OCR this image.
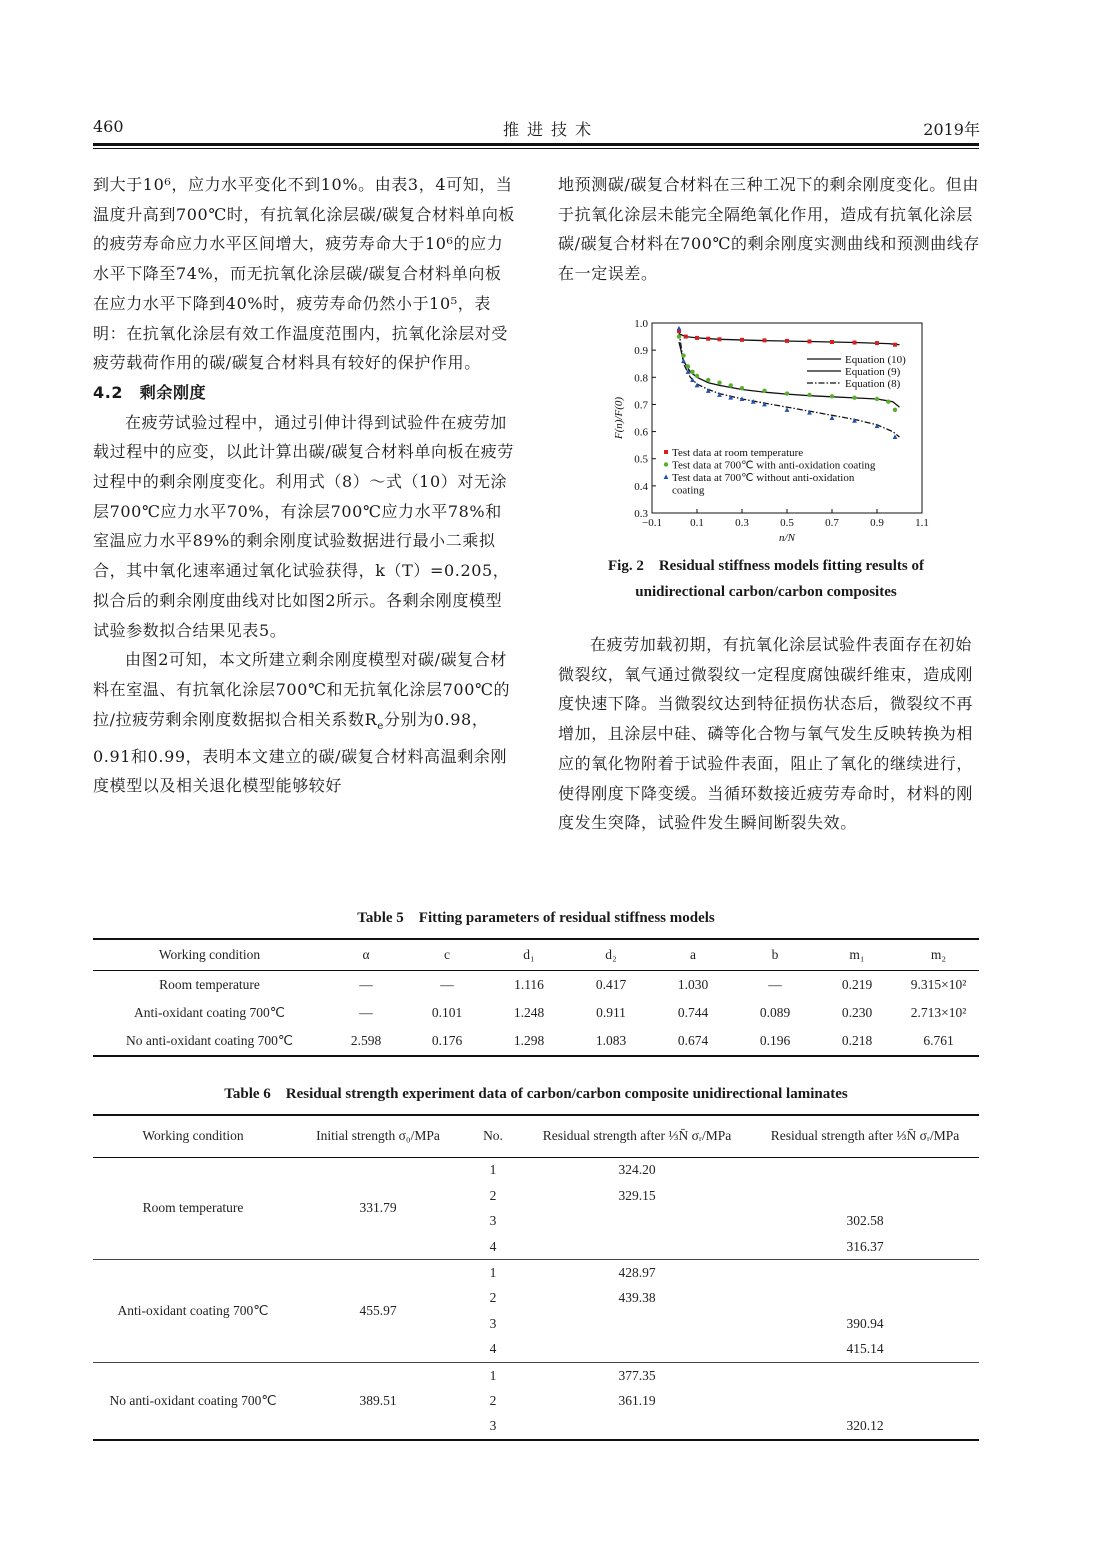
460	推进技术	2019年

到大于10⁶，应力水平变化不到10%。由表3，4可知，当温度升高到700℃时，有抗氧化涂层碳/碳复合材料单向板的疲劳寿命应力水平区间增大，疲劳寿命大于10⁶的应力水平下降至74%，而无抗氧化涂层碳/碳复合材料单向板在应力水平下降到40%时，疲劳寿命仍然小于10⁵，表明：在抗氧化涂层有效工作温度范围内，抗氧化涂层对受疲劳载荷作用的碳/碳复合材料具有较好的保护作用。

4.2　剩余刚度

在疲劳试验过程中，通过引伸计得到试验件在疲劳加载过程中的应变，以此计算出碳/碳复合材料单向板在疲劳过程中的剩余刚度变化。利用式（8）～式（10）对无涂层700℃应力水平70%，有涂层700℃应力水平78%和室温应力水平89%的剩余刚度试验数据进行最小二乘拟合，其中氧化速率通过氧化试验获得，k（T）=0.205，拟合后的剩余刚度曲线对比如图2所示。各剩余刚度模型试验参数拟合结果见表5。

由图2可知，本文所建立剩余刚度模型对碳/碳复合材料在室温、有抗氧化涂层700℃和无抗氧化涂层700℃的拉/拉疲劳剩余刚度数据拟合相关系数$R_e$分别为0.98，0.91和0.99，表明本文建立的碳/碳复合材料高温剩余刚度模型以及相关退化模型能够较好

地预测碳/碳复合材料在三种工况下的剩余刚度变化。但由于抗氧化涂层未能完全隔绝氧化作用，造成有抗氧化涂层碳/碳复合材料在700℃的剩余刚度实测曲线和预测曲线存在一定误差。

−0.1	0.1	0.3	0.5	0.7	0.9	1.1
1.0
0.9
0.8
0.7
0.6
0.5
0.4
0.3
n/N
F(n)/F(0)
Equation (10)
Equation (9)
Equation (8)
Test data at room temperature
Test data at 700℃ with anti-oxidation coating
Test data at 700℃ without anti-oxidation
coating
Fig. 2　Residual stiffness models fitting results of
unidirectional carbon/carbon composites

在疲劳加载初期，有抗氧化涂层试验件表面存在初始微裂纹，氧气通过微裂纹一定程度腐蚀碳纤维束，造成刚度快速下降。当微裂纹达到特征损伤状态后，微裂纹不再增加，且涂层中硅、磷等化合物与氧气发生反映转换为相应的氧化物附着于试验件表面，阻止了氧化的继续进行，使得刚度下降变缓。当循环数接近疲劳寿命时，材料的刚度发生突降，试验件发生瞬间断裂失效。

Table 5　Fitting parameters of residual stiffness models
Working condition	α	c	d₁	d₂	a	b	m₁	m₂
Room temperature	—	—	1.116	0.417	1.030	—	0.219	9.315×10²
Anti-oxidant coating 700℃	—	0.101	1.248	0.911	0.744	0.089	0.230	2.713×10²
No anti-oxidant coating 700℃	2.598	0.176	1.298	1.083	0.674	0.196	0.218	6.761
Table 6　Residual strength experiment data of carbon/carbon composite unidirectional laminates
Working condition	Initial strength σ₀/MPa	No.	Residual strength after ⅓N̄ σᵣ/MPa	Residual strength after ⅓N̄ σᵣ/MPa
Room temperature	331.79	1	324.20	
		2	329.15	
		3		302.58
		4		316.37
Anti-oxidant coating 700℃	455.97	1	428.97	
		2	439.38	
		3		390.94
		4		415.14
No anti-oxidant coating 700℃	389.51	1	377.35	
		2	361.19	
		3		320.12
